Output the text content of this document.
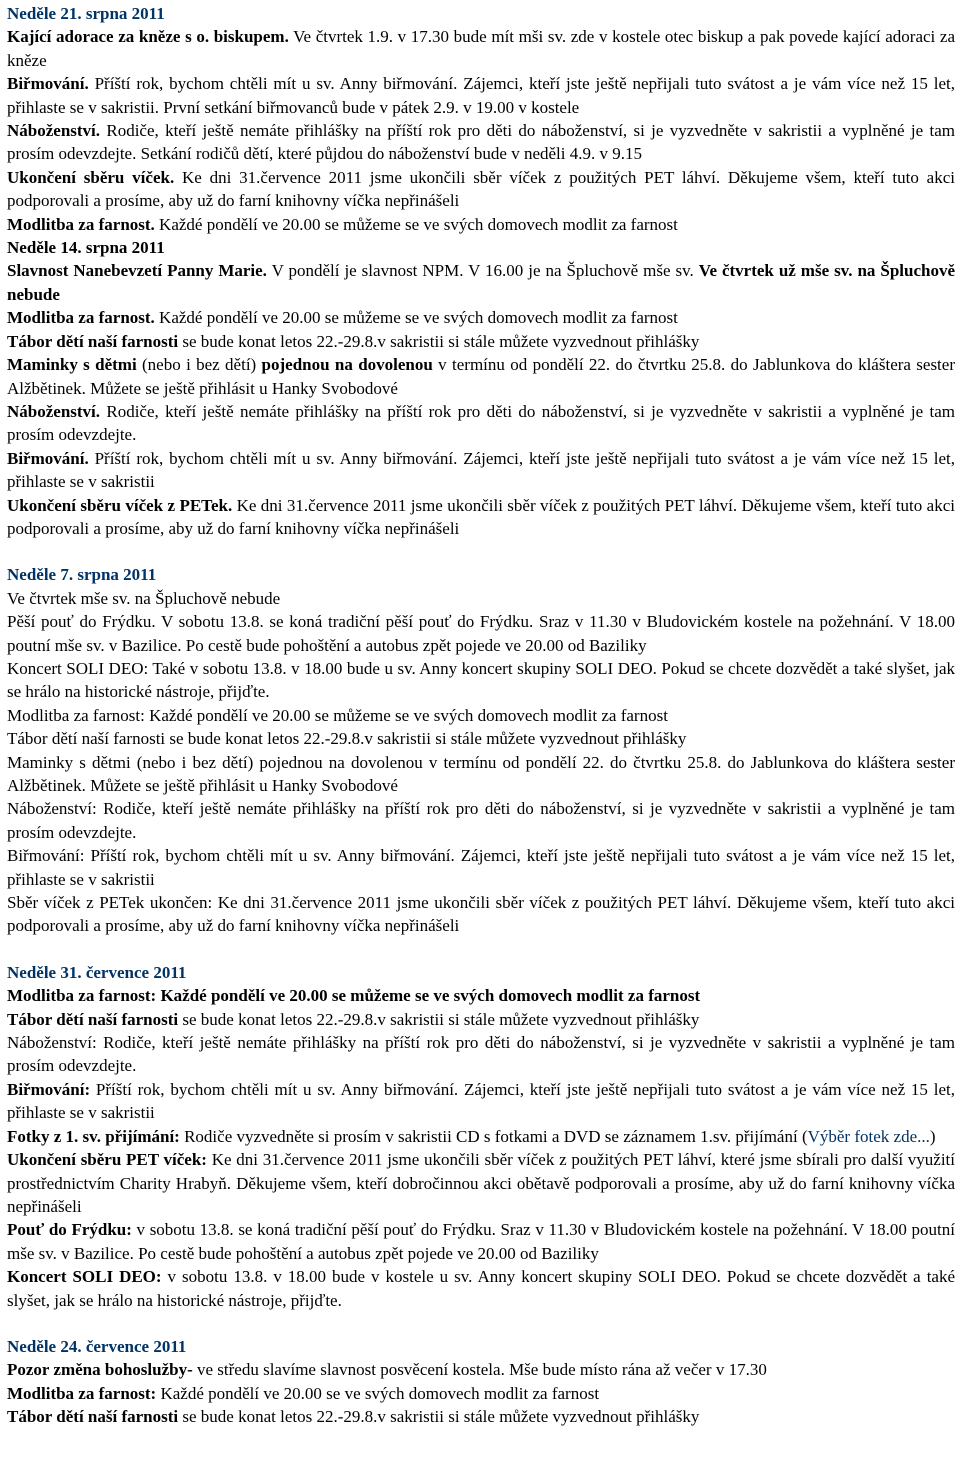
Neděle 21. srpna 2011

Kající adorace za kněze s o. biskupem. Ve čtvrtek 1.9. v 17.30 bude mít mši sv. zde v kostele otec biskup a pak povede kající adoraci za kněze

Biřmování. Příští rok, bychom chtěli mít u sv. Anny biřmování. Zájemci, kteří jste ještě nepřijali tuto svátost a je vám více než 15 let, přihlaste se v sakristii. První setkání biřmovanců bude v pátek 2.9. v 19.00 v kostele

Náboženství. Rodiče, kteří ještě nemáte přihlášky na příští rok pro děti do náboženství, si je vyzvedněte v sakristii a vyplněné je tam prosím odevzdejte. Setkání rodičů dětí, které půjdou do náboženství bude v neděli 4.9. v 9.15

Ukončení sběru víček. Ke dni 31.července 2011 jsme ukončili sběr víček z použitých PET láhví. Děkujeme všem, kteří tuto akci podporovali a prosíme, aby už do farní knihovny víčka nepřinášeli

Modlitba za farnost. Každé pondělí ve 20.00 se můžeme se ve svých domovech modlit za farnost

Neděle 14. srpna 2011

Slavnost Nanebevzetí Panny Marie. V pondělí je slavnost NPM. V 16.00 je na Špluchově mše sv. Ve čtvrtek už mše sv. na Špluchově nebude

Modlitba za farnost. Každé pondělí ve 20.00 se můžeme se ve svých domovech modlit za farnost

Tábor dětí naší farnosti se bude konat letos 22.-29.8.v sakristii si stále můžete vyzvednout přihlášky

Maminky s dětmi (nebo i bez dětí) pojednou na dovolenou v termínu od pondělí 22. do čtvrtku 25.8. do Jablunkova do kláštera sester Alžbětinek. Můžete se ještě přihlásit u Hanky Svobodové

Náboženství. Rodiče, kteří ještě nemáte přihlášky na příští rok pro děti do náboženství, si je vyzvedněte v sakristii a vyplněné je tam prosím odevzdejte.

Biřmování. Příští rok, bychom chtěli mít u sv. Anny biřmování. Zájemci, kteří jste ještě nepřijali tuto svátost a je vám více než 15 let, přihlaste se v sakristii

Ukončení sběru víček z PETek. Ke dni 31.července 2011 jsme ukončili sběr víček z použitých PET láhví. Děkujeme všem, kteří tuto akci podporovali a prosíme, aby už do farní knihovny víčka nepřinášeli

Neděle 7. srpna 2011

Ve čtvrtek mše sv. na Špluchově nebude

Pěší pouť do Frýdku. V sobotu 13.8. se koná tradiční pěší pouť do Frýdku. Sraz v 11.30 v Bludovickém kostele na požehnání. V 18.00 poutní mše sv. v Bazilice. Po cestě bude pohoštění a autobus zpět pojede ve 20.00 od Baziliky

Koncert SOLI DEO: Také v sobotu 13.8. v 18.00 bude u sv. Anny koncert skupiny SOLI DEO. Pokud se chcete dozvědět a také slyšet, jak se hrálo na historické nástroje, přijďte.

Modlitba za farnost: Každé pondělí ve 20.00 se můžeme se ve svých domovech modlit za farnost

Tábor dětí naší farnosti se bude konat letos 22.-29.8.v sakristii si stále můžete vyzvednout přihlášky

Maminky s dětmi (nebo i bez dětí) pojednou na dovolenou v termínu od pondělí 22. do čtvrtku 25.8. do Jablunkova do kláštera sester Alžbětinek. Můžete se ještě přihlásit u Hanky Svobodové

Náboženství: Rodiče, kteří ještě nemáte přihlášky na příští rok pro děti do náboženství, si je vyzvedněte v sakristii a vyplněné je tam prosím odevzdejte.

Biřmování: Příští rok, bychom chtěli mít u sv. Anny biřmování. Zájemci, kteří jste ještě nepřijali tuto svátost a je vám více než 15 let, přihlaste se v sakristii

Sběr víček z PETek ukončen: Ke dni 31.července 2011 jsme ukončili sběr víček z použitých PET láhví. Děkujeme všem, kteří tuto akci podporovali a prosíme, aby už do farní knihovny víčka nepřinášeli

Neděle 31. července 2011

Modlitba za farnost: Každé pondělí ve 20.00 se můžeme se ve svých domovech modlit za farnost

Tábor dětí naší farnosti se bude konat letos 22.-29.8.v sakristii si stále můžete vyzvednout přihlášky

Náboženství: Rodiče, kteří ještě nemáte přihlášky na příští rok pro děti do náboženství, si je vyzvedněte v sakristii a vyplněné je tam prosím odevzdejte.

Biřmování: Příští rok, bychom chtěli mít u sv. Anny biřmování. Zájemci, kteří jste ještě nepřijali tuto svátost a je vám více než 15 let, přihlaste se v sakristii

Fotky z 1. sv. přijímání: Rodiče vyzvedněte si prosím v sakristii CD s fotkami a DVD se záznamem 1.sv. přijímání (Výběr fotek zde...)

Ukončení sběru PET víček: Ke dni 31.července 2011 jsme ukončili sběr víček z použitých PET láhví, které jsme sbírali pro další využití prostřednictvím Charity Hrabyň. Děkujeme všem, kteří dobročinnou akci obětavě podporovali a prosíme, aby už do farní knihovny víčka nepřinášeli

Pouť do Frýdku: v sobotu 13.8. se koná tradiční pěší pouť do Frýdku. Sraz v 11.30 v Bludovickém kostele na požehnání. V 18.00 poutní mše sv. v Bazilice. Po cestě bude pohoštění a autobus zpět pojede ve 20.00 od Baziliky

Koncert SOLI DEO: v sobotu 13.8. v 18.00 bude v kostele u sv. Anny koncert skupiny SOLI DEO. Pokud se chcete dozvědět a také slyšet, jak se hrálo na historické nástroje, přijďte.

Neděle 24. července 2011

Pozor změna bohoslužby- ve středu slavíme slavnost posvěcení kostela. Mše bude místo rána až večer v 17.30

Modlitba za farnost: Každé pondělí ve 20.00 se ve svých domovech modlit za farnost

Tábor dětí naší farnosti se bude konat letos 22.-29.8.v sakristii si stále můžete vyzvednout přihlášky
